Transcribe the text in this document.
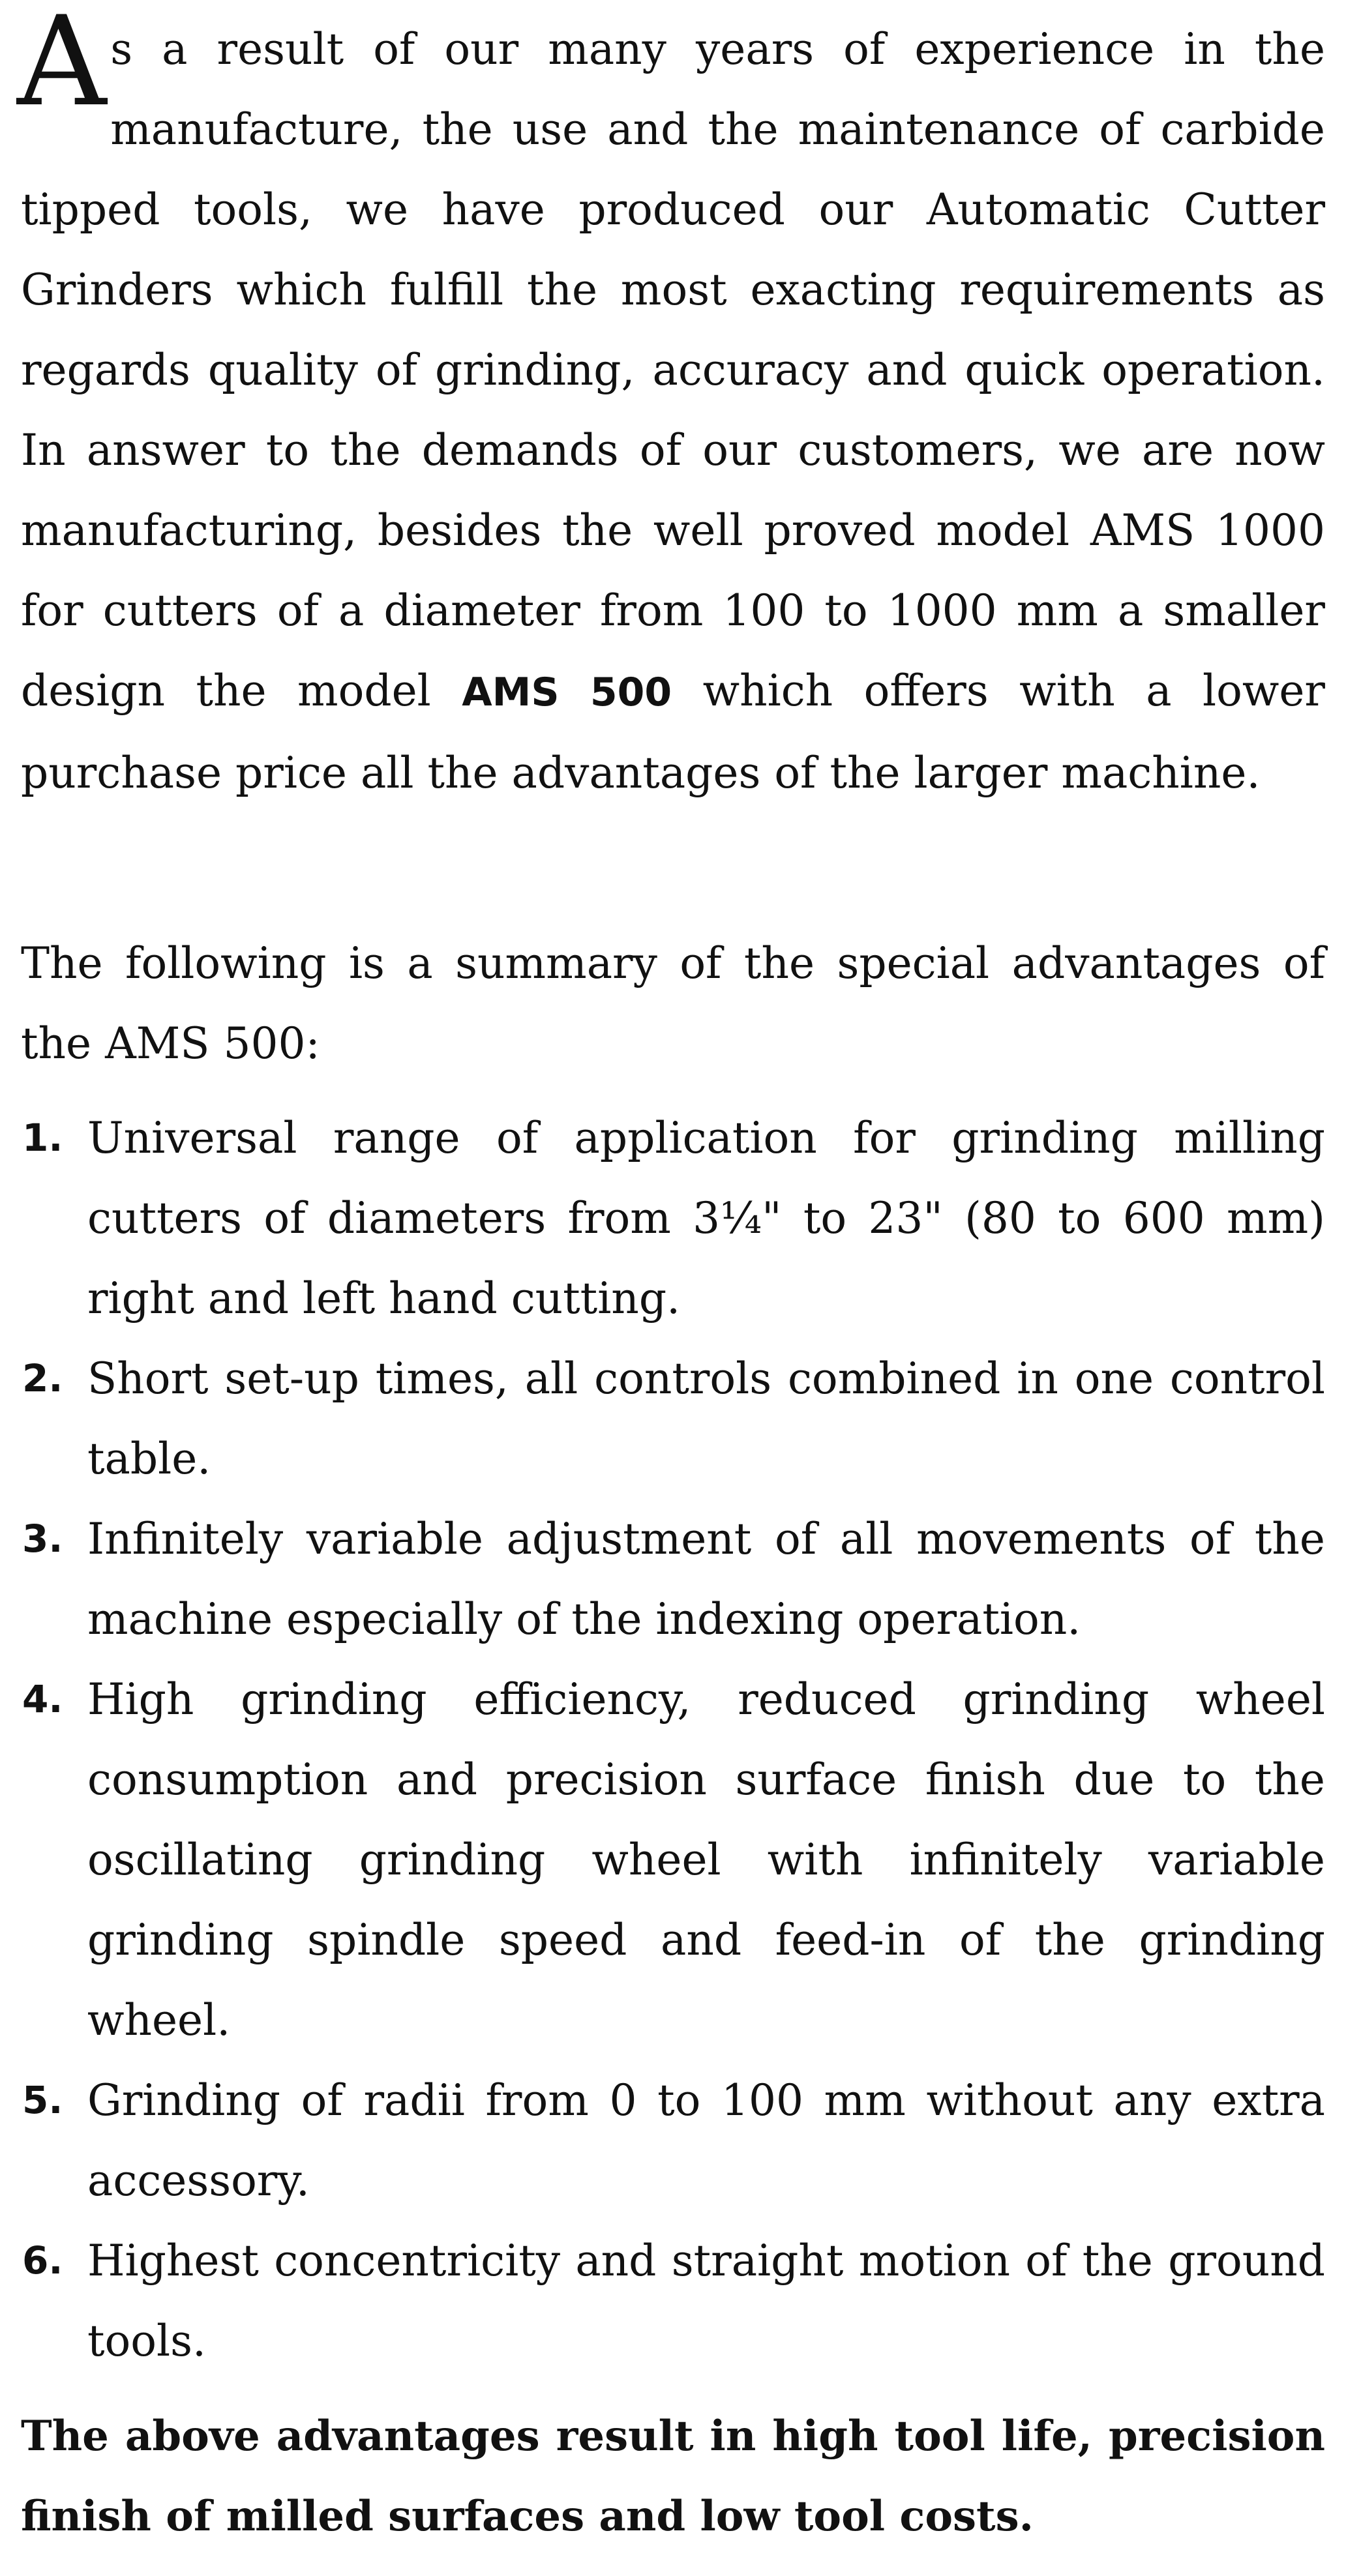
As a result of our many years of experience in the manufacture, the use and the maintenance of carbide tipped tools, we have produced our Automatic Cutter Grinders which fulfill the most exacting requirements as regards quality of grinding, accuracy and quick operation. In answer to the demands of our customers, we are now manufacturing, besides the well proved model AMS 1000 for cutters of a diameter from 100 to 1000 mm a smaller design the model AMS 500 which offers with a lower purchase price all the advantages of the larger machine.

The following is a summary of the special advantages of the AMS 500:

1. Universal range of application for grinding milling cutters of diameters from 3¼" to 23" (80 to 600 mm) right and left hand cutting.
2. Short set-up times, all controls combined in one control table.
3. Infinitely variable adjustment of all movements of the machine especially of the indexing operation.
4. High grinding efficiency, reduced grinding wheel consumption and precision surface finish due to the oscillating grinding wheel with infinitely variable grinding spindle speed and feed-in of the grinding wheel.
5. Grinding of radii from 0 to 100 mm without any extra accessory.
6. Highest concentricity and straight motion of the ground tools.

The above advantages result in high tool life, precision finish of milled surfaces and low tool costs.
